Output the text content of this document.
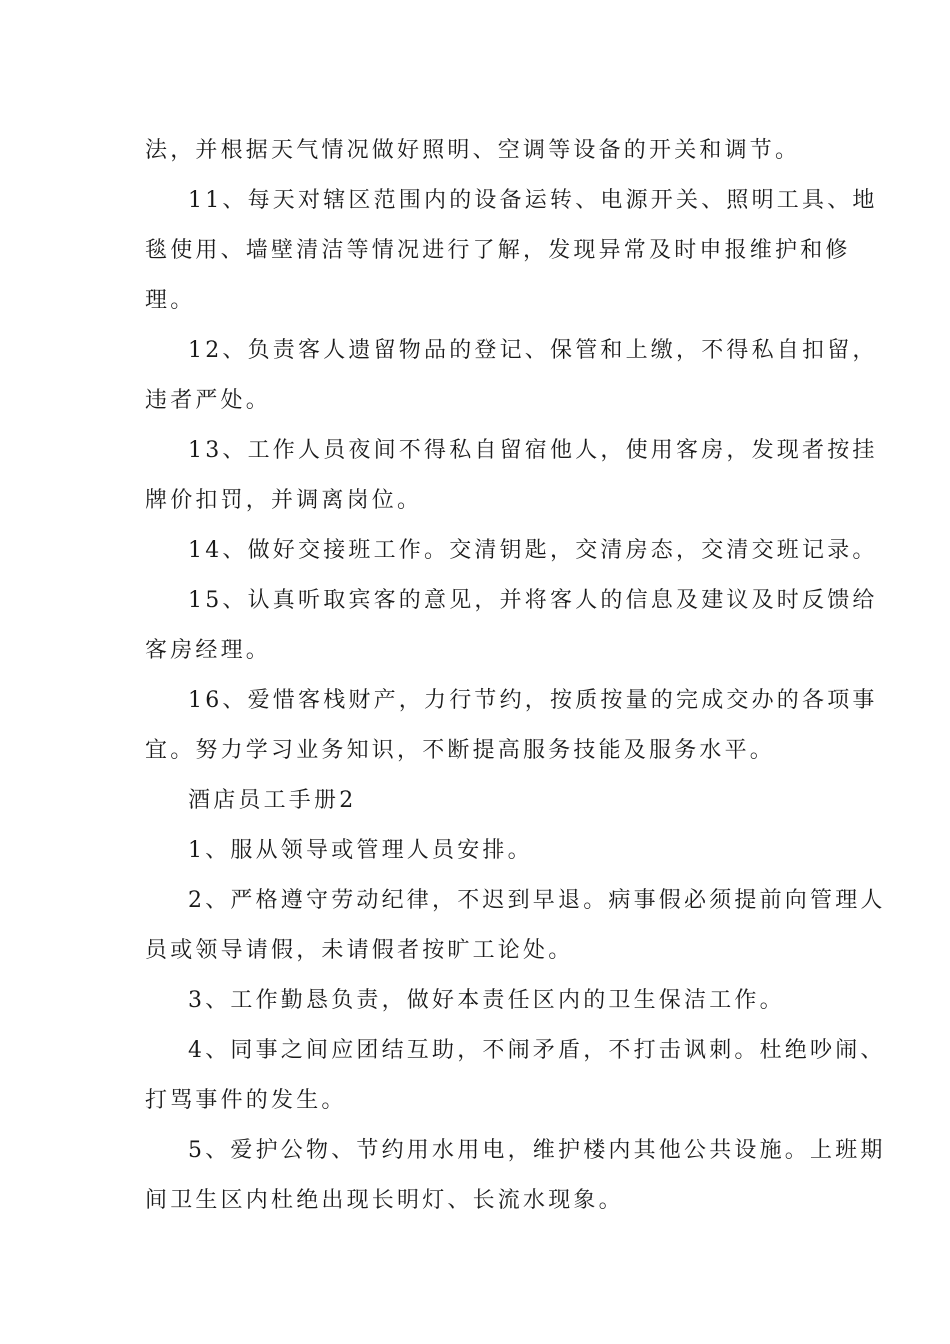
法，并根据天气情况做好照明、空调等设备的开关和调节。
11、每天对辖区范围内的设备运转、电源开关、照明工具、地
毯使用、墙壁清洁等情况进行了解，发现异常及时申报维护和修
理。
12、负责客人遗留物品的登记、保管和上缴，不得私自扣留，
违者严处。
13、工作人员夜间不得私自留宿他人，使用客房，发现者按挂
牌价扣罚，并调离岗位。
14、做好交接班工作。交清钥匙，交清房态，交清交班记录。
15、认真听取宾客的意见，并将客人的信息及建议及时反馈给
客房经理。
16、爱惜客栈财产，力行节约，按质按量的完成交办的各项事
宜。努力学习业务知识，不断提高服务技能及服务水平。
酒店员工手册2
1、服从领导或管理人员安排。
2、严格遵守劳动纪律，不迟到早退。病事假必须提前向管理人
员或领导请假，未请假者按旷工论处。
3、工作勤恳负责，做好本责任区内的卫生保洁工作。
4、同事之间应团结互助，不闹矛盾，不打击讽刺。杜绝吵闹、
打骂事件的发生。
5、爱护公物、节约用水用电，维护楼内其他公共设施。上班期
间卫生区内杜绝出现长明灯、长流水现象。
